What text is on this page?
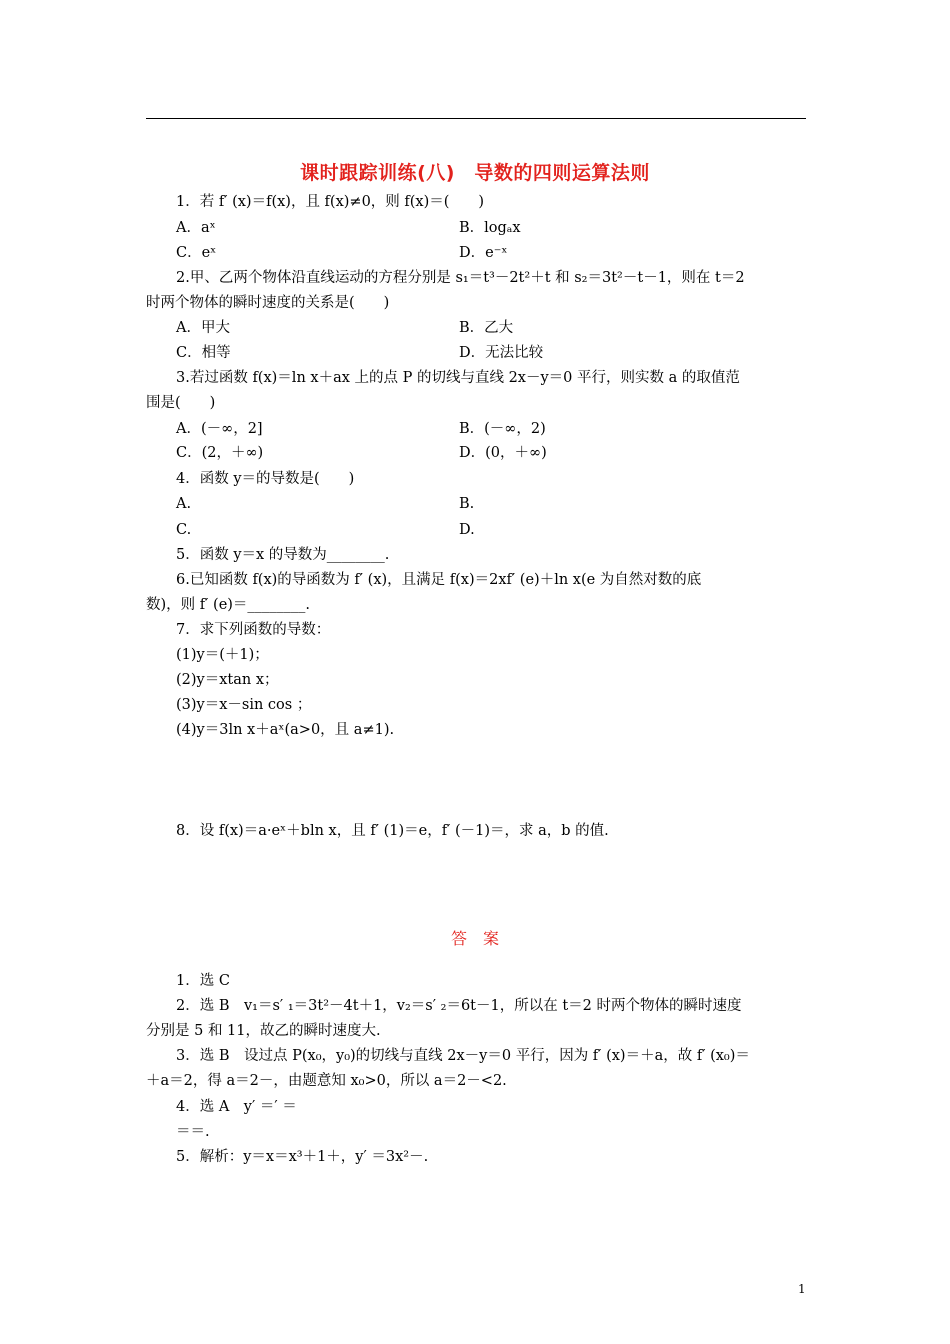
课时跟踪训练(八)　导数的四则运算法则
1．若 f′ (x)＝f(x)，且 f(x)≠0，则 f(x)＝(　　)
A．aˣ	B．logₐx
C．eˣ	D．e⁻ˣ
2.甲、乙两个物体沿直线运动的方程分别是 s₁＝t³－2t²＋t 和 s₂＝3t²－t－1，则在 t＝2
时两个物体的瞬时速度的关系是(　　)
A．甲大	B．乙大
C．相等	D．无法比较
3.若过函数 f(x)＝ln x＋ax 上的点 P 的切线与直线 2x－y＝0 平行，则实数 a 的取值范
围是(　　)
A．(－∞，2]	B．(－∞，2)
C．(2，＋∞)	D．(0，＋∞)
4．函数 y＝的导数是(　　)
A.	B.
C.	D.
5．函数 y＝x 的导数为________.
6.已知函数 f(x)的导函数为 f′ (x)，且满足 f(x)＝2xf′ (e)＋ln x(e 为自然对数的底
数)，则 f′ (e)＝________.
7．求下列函数的导数：
(1)y＝(＋1)；
(2)y＝xtan x；
(3)y＝x－sin cos ；
(4)y＝3ln x＋aˣ(a>0，且 a≠1).
8．设 f(x)＝a·eˣ＋bln x，且 f′ (1)＝e，f′ (－1)＝，求 a，b 的值.
答　案
1．选 C
2．选 B　v₁＝s′ ₁＝3t²－4t＋1，v₂＝s′ ₂＝6t－1，所以在 t＝2 时两个物体的瞬时速度
分别是 5 和 11，故乙的瞬时速度大.
3．选 B　设过点 P(x₀，y₀)的切线与直线 2x－y＝0 平行，因为 f′ (x)＝＋a，故 f′ (x₀)＝
＋a＝2，得 a＝2－，由题意知 x₀>0，所以 a＝2－<2.
4．选 A　y′ ＝′ ＝
＝＝.
5．解析：y＝x＝x³＋1＋，y′ ＝3x²－.
1
